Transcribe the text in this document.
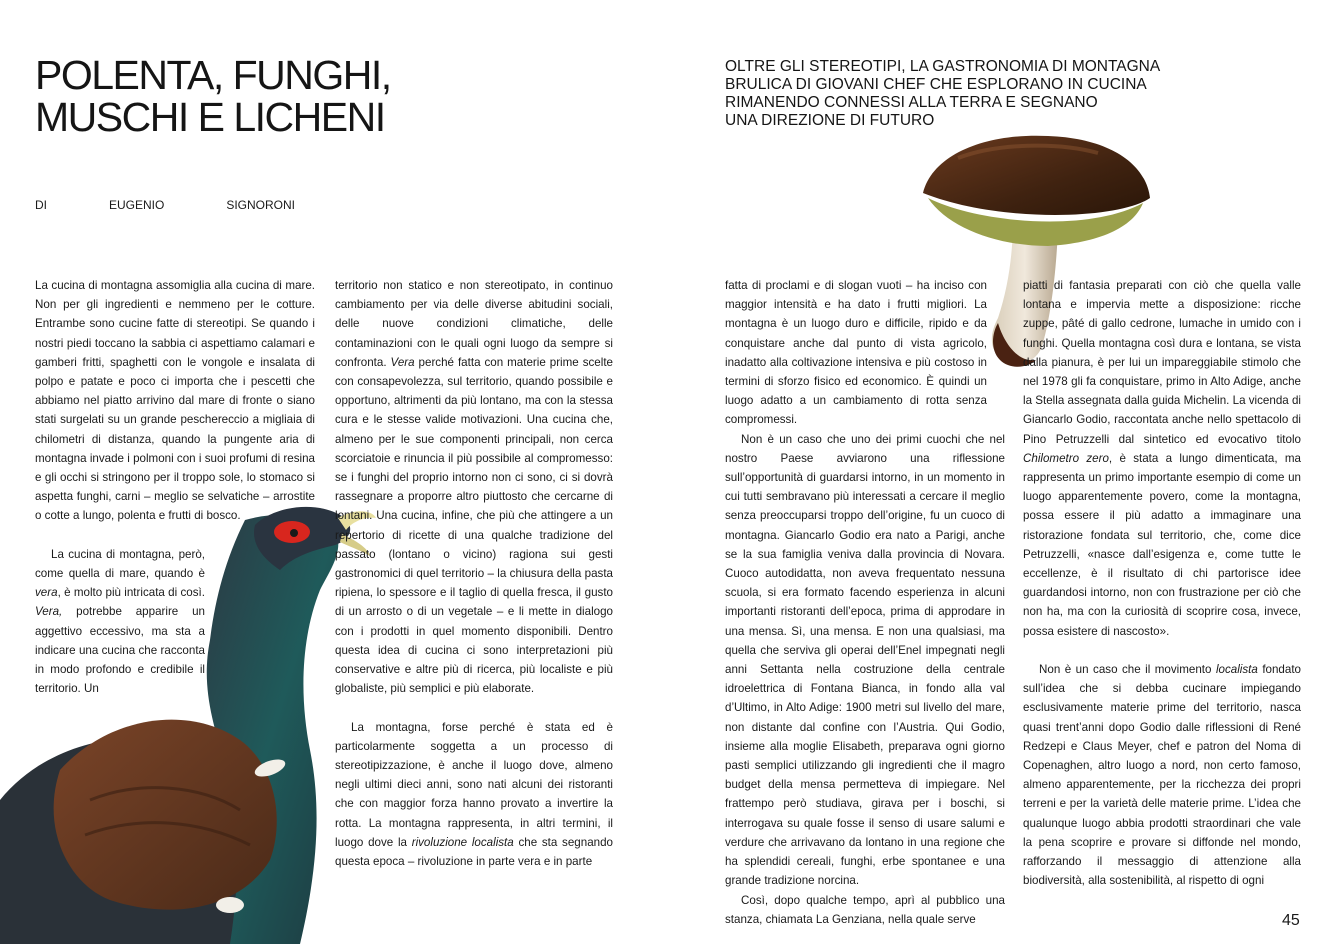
POLENTA, FUNGHI,
MUSCHI E LICHENI
OLTRE GLI STEREOTIPI, LA GASTRONOMIA DI MONTAGNA
BRULICA DI GIOVANI CHEF CHE ESPLORANO IN CUCINA
RIMANENDO CONNESSI ALLA TERRA E SEGNANO
UNA DIREZIONE DI FUTURO
DI	EUGENIO	SIGNORONI

La cucina di montagna assomiglia alla cucina di mare. Non per gli ingredienti e nemmeno per le cotture. Entrambe sono cucine fatte di stereotipi. Se quando i nostri piedi toccano la sabbia ci aspettiamo calamari e gamberi fritti, spaghetti con le vongole e insalata di polpo e patate e poco ci importa che i pescetti che abbiamo nel piatto arrivino dal mare di fronte o siano stati surgelati su un grande peschereccio a migliaia di chilometri di distanza, quando la pungente aria di montagna invade i polmoni con i suoi profumi di resina e gli occhi si stringono per il troppo sole, lo stomaco si aspetta funghi, carni – meglio se selvatiche – arrostite o cotte a lungo, polenta e frutti di bosco.

La cucina di montagna, però, come quella di mare, quando è vera, è molto più intricata di così. Vera, potrebbe apparire un aggettivo eccessivo, ma sta a indicare una cucina che racconta in modo profondo e credibile il territorio. Un

territorio non statico e non stereotipato, in continuo cambiamento per via delle diverse abitudini sociali, delle nuove condizioni climatiche, delle contaminazioni con le quali ogni luogo da sempre si confronta. Vera perché fatta con materie prime scelte con consapevolezza, sul territorio, quando possibile e opportuno, altrimenti da più lontano, ma con la stessa cura e le stesse valide motivazioni. Una cucina che, almeno per le sue componenti principali, non cerca scorciatoie e rinuncia il più possibile al compromesso: se i funghi del proprio intorno non ci sono, ci si dovrà rassegnare a proporre altro piuttosto che cercarne di lontani. Una cucina, infine, che più che attingere a un repertorio di ricette di una qualche tradizione del passato (lontano o vicino) ragiona sui gesti gastronomici di quel territorio – la chiusura della pasta ripiena, lo spessore e il taglio di quella fresca, il gusto di un arrosto o di un vegetale – e li mette in dialogo con i prodotti in quel momento disponibili. Dentro questa idea di cucina ci sono interpretazioni più conservative e altre più di ricerca, più localiste e più globaliste, più semplici e più elaborate.

La montagna, forse perché è stata ed è particolarmente soggetta a un processo di stereotipizzazione, è anche il luogo dove, almeno negli ultimi dieci anni, sono nati alcuni dei ristoranti che con maggior forza hanno provato a invertire la rotta. La montagna rappresenta, in altri termini, il luogo dove la rivoluzione localista che sta segnando questa epoca – rivoluzione in parte vera e in parte

fatta di proclami e di slogan vuoti – ha inciso con maggior intensità e ha dato i frutti migliori. La montagna è un luogo duro e difficile, ripido e da conquistare anche dal punto di vista agricolo, inadatto alla coltivazione intensiva e più costoso in termini di sforzo fisico ed economico. È quindi un luogo adatto a un cambiamento di rotta senza compromessi.

Non è un caso che uno dei primi cuochi che nel nostro Paese avviarono una riflessione sull’opportunità di guardarsi intorno, in un momento in cui tutti sembravano più interessati a cercare il meglio senza preoccuparsi troppo dell’origine, fu un cuoco di montagna. Giancarlo Godio era nato a Parigi, anche se la sua famiglia veniva dalla provincia di Novara. Cuoco autodidatta, non aveva frequentato nessuna scuola, si era formato facendo esperienza in alcuni importanti ristoranti dell’epoca, prima di approdare in una mensa. Sì, una mensa. E non una qualsiasi, ma quella che serviva gli operai dell’Enel impegnati negli anni Settanta nella costruzione della centrale idroelettrica di Fontana Bianca, in fondo alla val d’Ultimo, in Alto Adige: 1900 metri sul livello del mare, non distante dal confine con l’Austria. Qui Godio, insieme alla moglie Elisabeth, preparava ogni giorno pasti semplici utilizzando gli ingredienti che il magro budget della mensa permetteva di impiegare. Nel frattempo però studiava, girava per i boschi, si interrogava su quale fosse il senso di usare salumi e verdure che arrivavano da lontano in una regione che ha splendidi cereali, funghi, erbe spontanee e una grande tradizione norcina.

Così, dopo qualche tempo, aprì al pubblico una stanza, chiamata La Genziana, nella quale serve

piatti di fantasia preparati con ciò che quella valle lontana e impervia mette a disposizione: ricche zuppe, pâté di gallo cedrone, lumache in umido con i funghi. Quella montagna così dura e lontana, se vista dalla pianura, è per lui un impareggiabile stimolo che nel 1978 gli fa conquistare, primo in Alto Adige, anche la Stella assegnata dalla guida Michelin. La vicenda di Giancarlo Godio, raccontata anche nello spettacolo di Pino Petruzzelli dal sintetico ed evocativo titolo Chilometro zero, è stata a lungo dimenticata, ma rappresenta un primo importante esempio di come un luogo apparentemente povero, come la montagna, possa essere il più adatto a immaginare una ristorazione fondata sul territorio, che, come dice Petruzzelli, «nasce dall’esigenza e, come tutte le eccellenze, è il risultato di chi partorisce idee guardandosi intorno, non con frustrazione per ciò che non ha, ma con la curiosità di scoprire cosa, invece, possa esistere di nascosto».

Non è un caso che il movimento localista fondato sull’idea che si debba cucinare impiegando esclusivamente materie prime del territorio, nasca quasi trent’anni dopo Godio dalle riflessioni di René Redzepi e Claus Meyer, chef e patron del Noma di Copenaghen, altro luogo a nord, non certo famoso, almeno apparentemente, per la ricchezza dei propri terreni e per la varietà delle materie prime. L’idea che qualunque luogo abbia prodotti straordinari che vale la pena scoprire e provare si diffonde nel mondo, rafforzando il messaggio di attenzione alla biodiversità, alla sostenibilità, al rispetto di ogni

45
